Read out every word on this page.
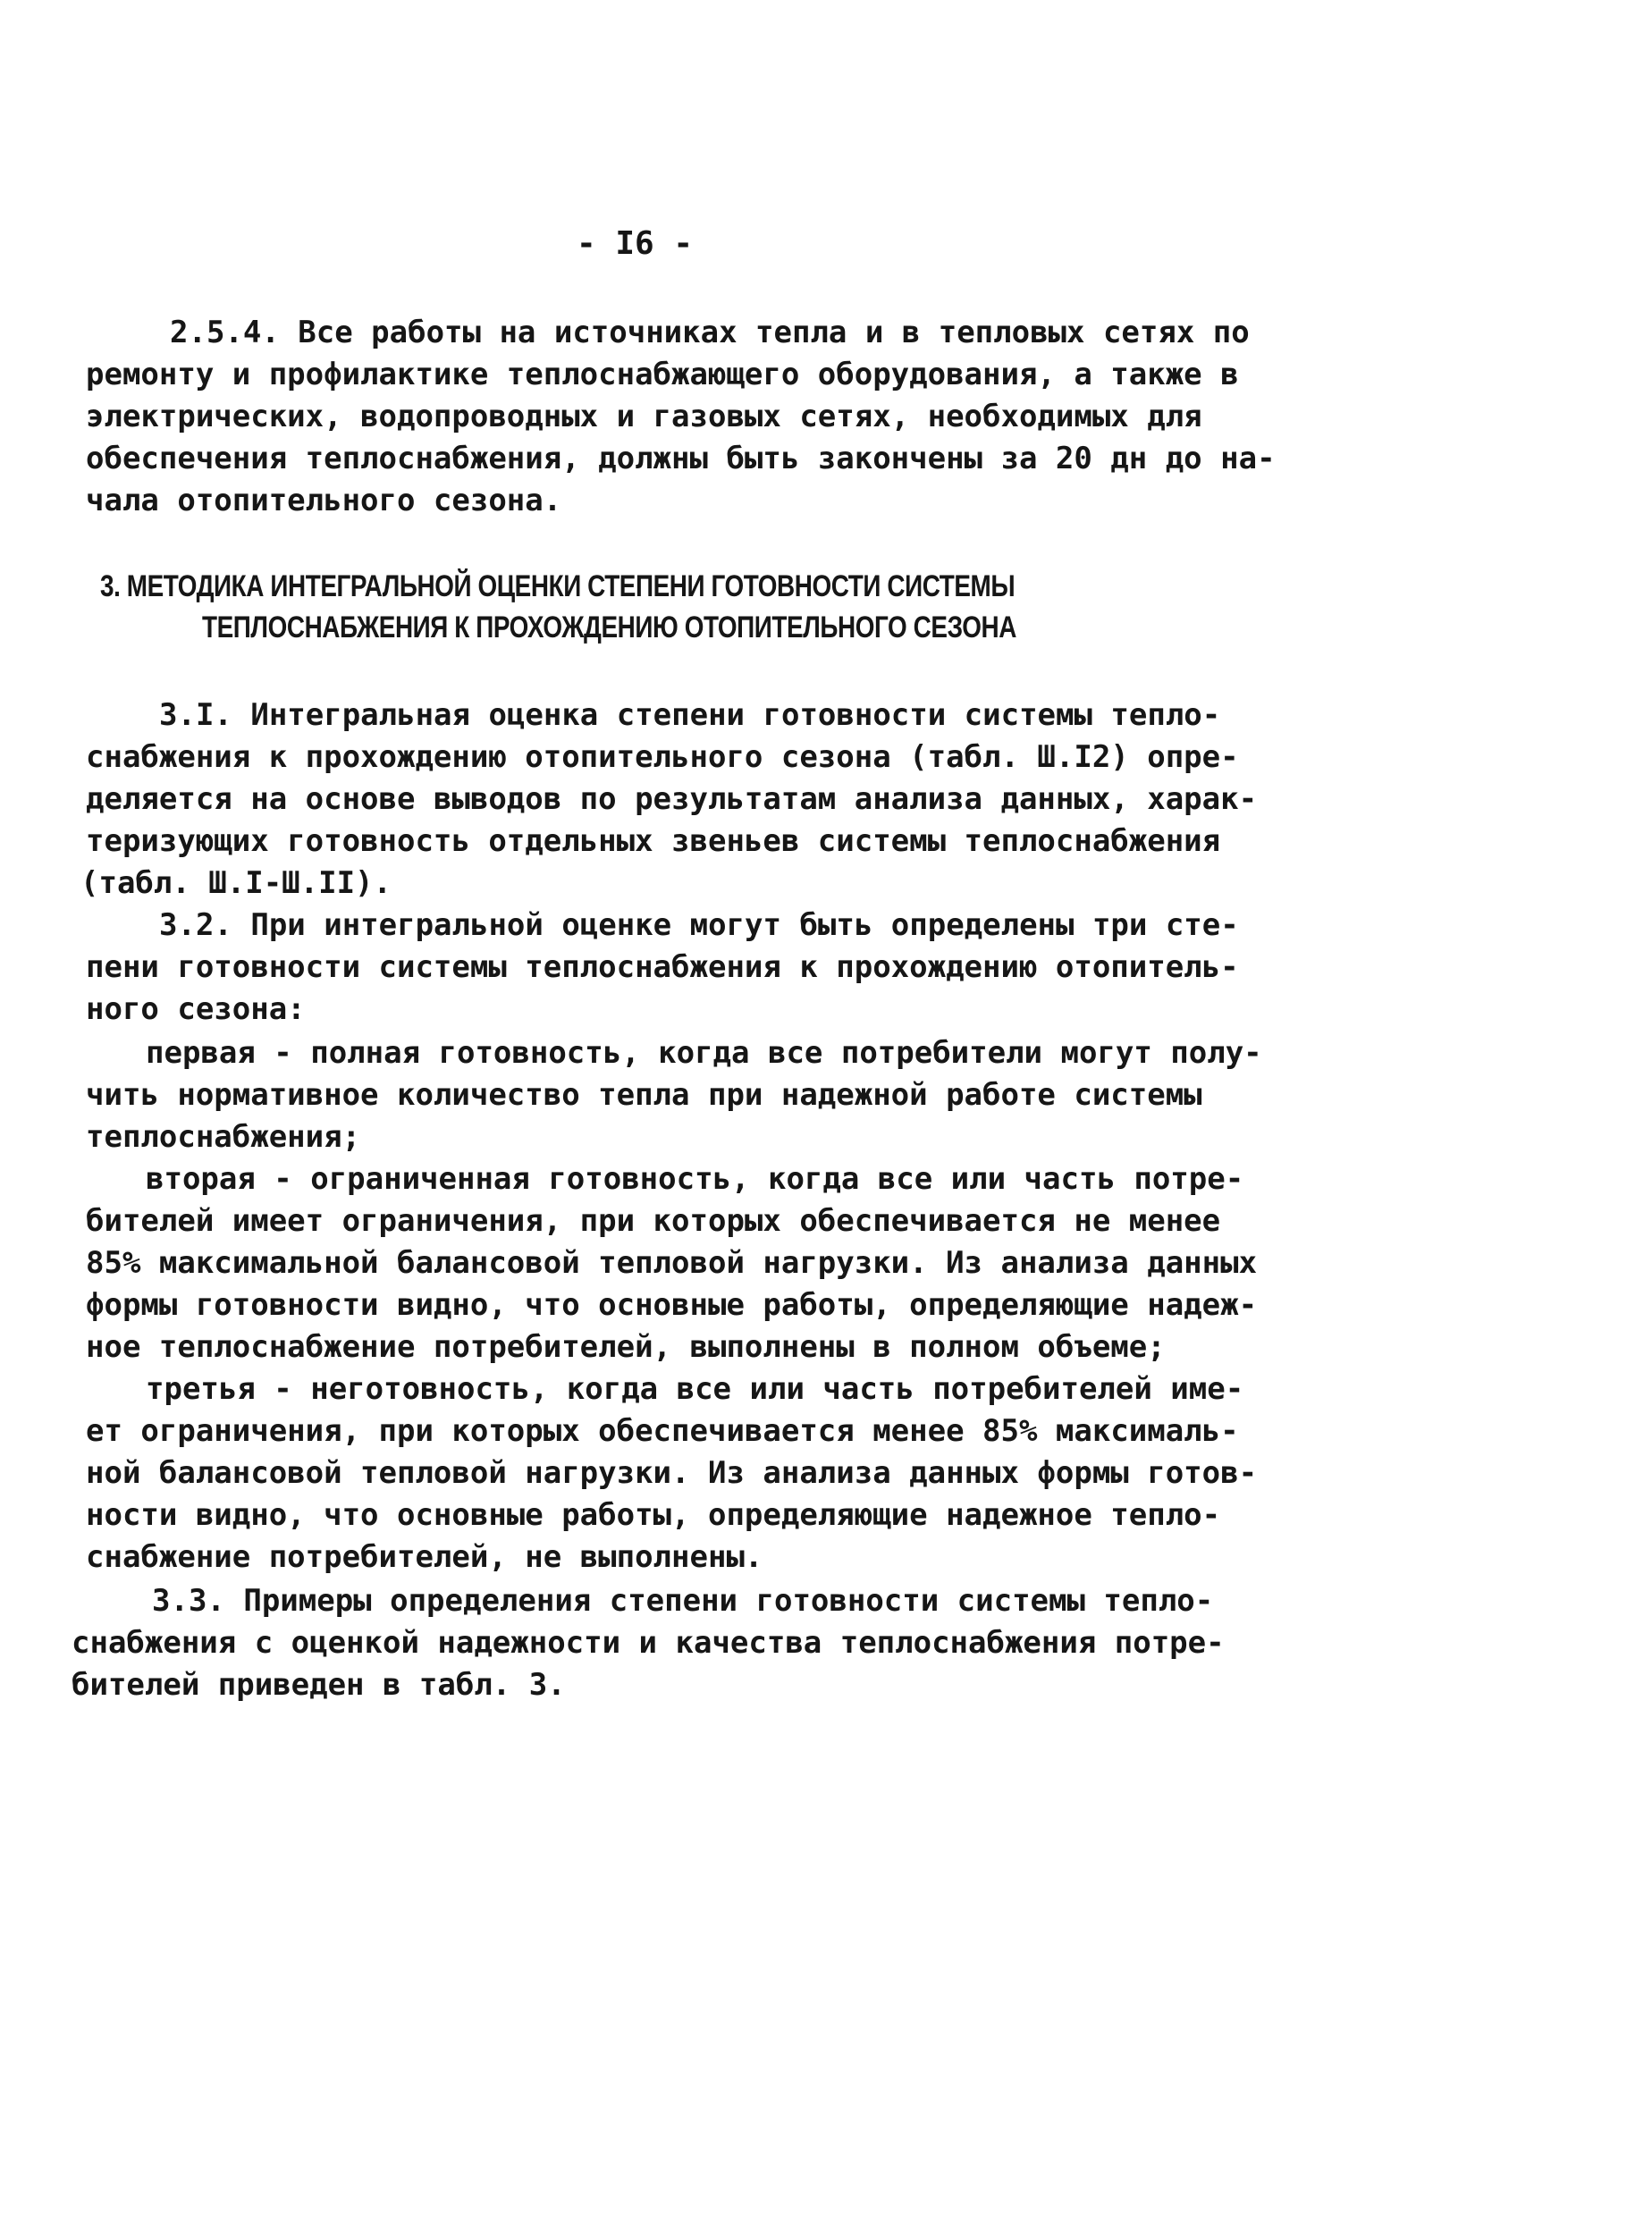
- I6 -
2.5.4. Все работы на источниках тепла и в тепловых сетях по
ремонту и профилактике теплоснабжающего оборудования, а также в
электрических, водопроводных и газовых сетях, необходимых для
обеспечения теплоснабжения, должны быть закончены за 20 дн до на-
чала отопительного сезона.
3. МЕТОДИКА ИНТЕГРАЛЬНОЙ ОЦЕНКИ СТЕПЕНИ ГОТОВНОСТИ СИСТЕМЫ
ТЕПЛОСНАБЖЕНИЯ К ПРОХОЖДЕНИЮ ОТОПИТЕЛЬНОГО СЕЗОНА
3.I. Интегральная оценка степени готовности системы тепло-
снабжения к прохождению отопительного сезона (табл. Ш.I2) опре-
деляется на основе выводов по результатам анализа данных, харак-
теризующих готовность отдельных звеньев системы теплоснабжения
(табл. Ш.I-Ш.II).
3.2. При интегральной оценке могут быть определены три сте-
пени готовности системы теплоснабжения к прохождению отопитель-
ного сезона:
первая - полная готовность, когда все потребители могут полу-
чить нормативное количество тепла при надежной работе системы
теплоснабжения;
вторая - ограниченная готовность, когда все или часть потре-
бителей имеет ограничения, при которых обеспечивается не менее
85% максимальной балансовой тепловой нагрузки. Из анализа данных
формы готовности видно, что основные работы, определяющие надеж-
ное теплоснабжение потребителей, выполнены в полном объеме;
третья - неготовность, когда все или часть потребителей име-
ет ограничения, при которых обеспечивается менее 85% максималь-
ной балансовой тепловой нагрузки. Из анализа данных формы готов-
ности видно, что основные работы, определяющие надежное тепло-
снабжение потребителей, не выполнены.
3.3. Примеры определения степени готовности системы тепло-
снабжения с оценкой надежности и качества теплоснабжения потре-
бителей приведен в табл. 3.
